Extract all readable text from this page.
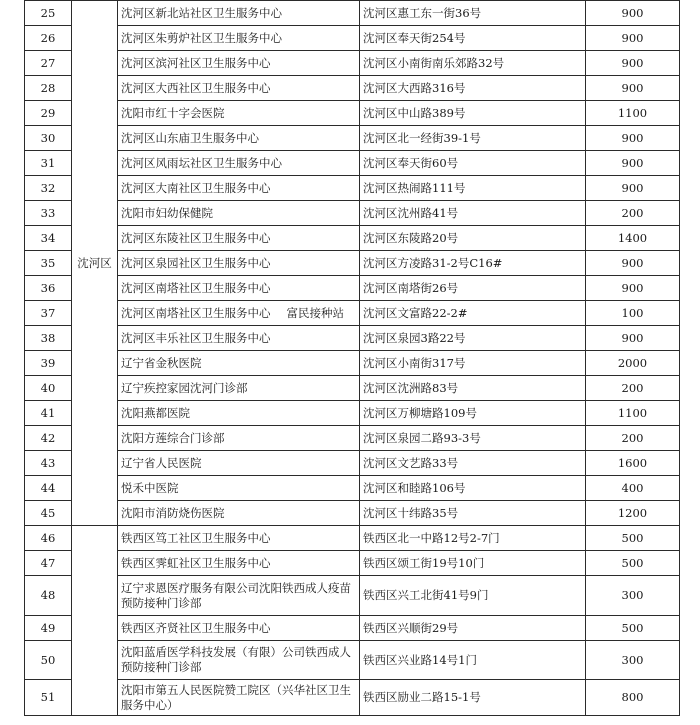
25	沈河区	沈河区新北站社区卫生服务中心	沈河区惠工东一街36号	900
26		沈河区朱剪炉社区卫生服务中心	沈河区奉天街254号	900
27		沈河区滨河社区卫生服务中心	沈河区小南街南乐郊路32号	900
28		沈河区大西社区卫生服务中心	沈河区大西路316号	900
29		沈阳市红十字会医院	沈河区中山路389号	1100
30		沈河区山东庙卫生服务中心	沈河区北一经街39-1号	900
31		沈河区风雨坛社区卫生服务中心	沈河区奉天街60号	900
32		沈河区大南社区卫生服务中心	沈河区热闹路111号	900
33		沈阳市妇幼保健院	沈河区沈州路41号	200
34		沈河区东陵社区卫生服务中心	沈河区东陵路20号	1400
35		沈河区泉园社区卫生服务中心	沈河区方凌路31-2号C16#	900
36		沈河区南塔社区卫生服务中心	沈河区南塔街26号	900
37		沈河区南塔社区卫生服务中心 富民接种站	沈河区文富路22-2#	100
38		沈河区丰乐社区卫生服务中心	沈河区泉园3路22号	900
39		辽宁省金秋医院	沈河区小南街317号	2000
40		辽宁疾控家园沈河门诊部	沈河区沈洲路83号	200
41		沈阳燕都医院	沈河区万柳塘路109号	1100
42		沈阳方莲综合门诊部	沈河区泉园二路93-3号	200
43		辽宁省人民医院	沈河区文艺路33号	1600
44		悦禾中医院	沈河区和睦路106号	400
45		沈阳市消防烧伤医院	沈河区十纬路35号	1200
46		铁西区笃工社区卫生服务中心	铁西区北一中路12号2-7门	500
47		铁西区霁虹社区卫生服务中心	铁西区颂工街19号10门	500
48		辽宁求恩医疗服务有限公司沈阳铁西成人疫苗预防接种门诊部	铁西区兴工北街41号9门	300
49		铁西区齐贤社区卫生服务中心	铁西区兴顺街29号	500
50		沈阳蓝盾医学科技发展（有限）公司铁西成人预防接种门诊部	铁西区兴业路14号1门	300
51		沈阳市第五人民医院赞工院区（兴华社区卫生服务中心）	铁西区励业二路15-1号	800
